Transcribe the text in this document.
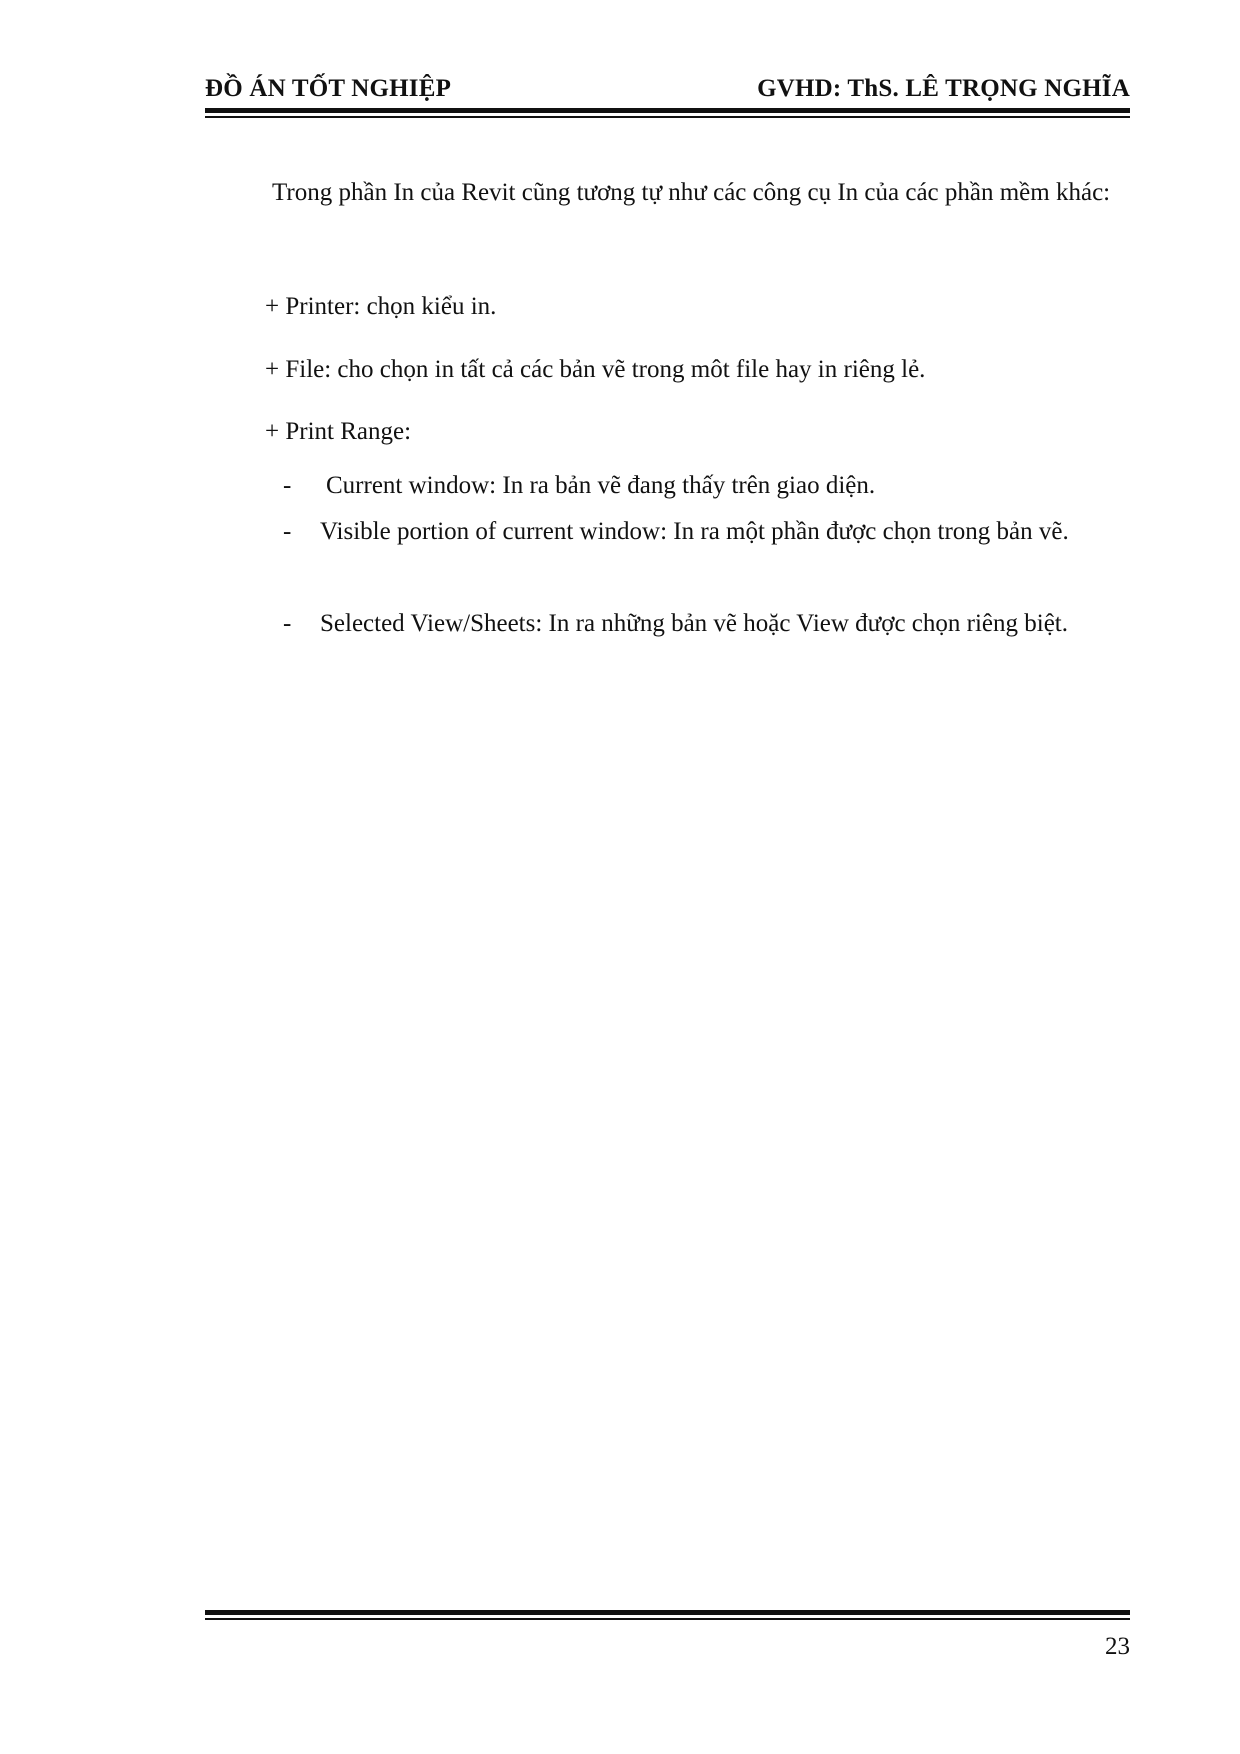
ĐỒ ÁN TỐT NGHIỆP	GVHD: ThS. LÊ TRỌNG NGHĨA

Trong phần In của Revit cũng tương tự như các công cụ In của các phần mềm khác:

+ Printer: chọn kiểu in.
+ File: cho chọn in tất cả các bản vẽ trong môt file hay in riêng lẻ.
+ Print Range:
- Current window: In ra bản vẽ đang thấy trên giao diện.

- Visible portion of current window: In ra một phần được chọn trong bản vẽ.

- Selected View/Sheets: In ra những bản vẽ hoặc View được chọn riêng biệt.

23
